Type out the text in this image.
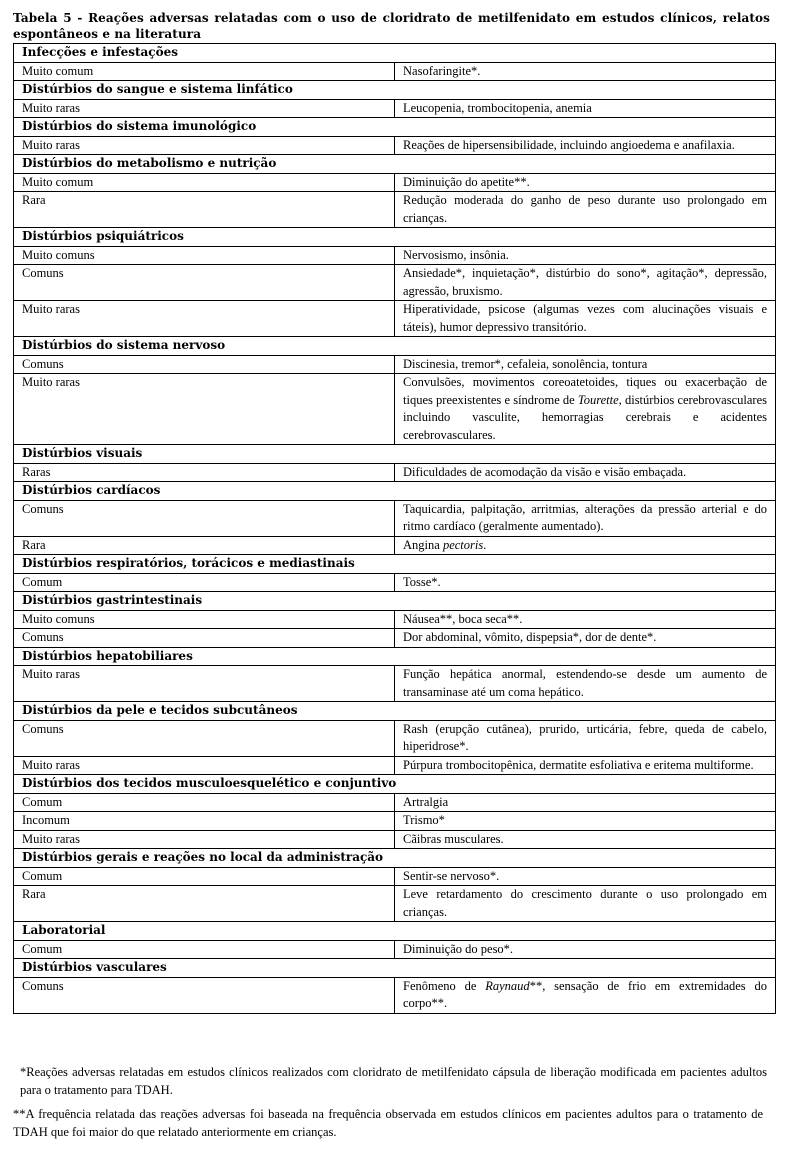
Tabela 5 - Reações adversas relatadas com o uso de cloridrato de metilfenidato em estudos clínicos, relatos espontâneos e na literatura
Infecções e infestações	
Muito comum	Nasofaringite*.
Distúrbios do sangue e sistema linfático	
Muito raras	Leucopenia, trombocitopenia, anemia
Distúrbios do sistema imunológico	
Muito raras	Reações de hipersensibilidade, incluindo angioedema e anafilaxia.
Distúrbios do metabolismo e nutrição	
Muito comum	Diminuição do apetite**.
Rara	Redução moderada do ganho de peso durante uso prolongado em crianças.
Distúrbios psiquiátricos	
Muito comuns	Nervosismo, insônia.
Comuns	Ansiedade*, inquietação*, distúrbio do sono*, agitação*, depressão, agressão, bruxismo.
Muito raras	Hiperatividade, psicose (algumas vezes com alucinações visuais e táteis), humor depressivo transitório.
Distúrbios do sistema nervoso	
Comuns	Discinesia, tremor*, cefaleia, sonolência, tontura
Muito raras	Convulsões, movimentos coreoatetoides, tiques ou exacerbação de tiques preexistentes e síndrome de Tourette, distúrbios cerebrovasculares incluindo vasculite, hemorragias cerebrais e acidentes cerebrovasculares.
Distúrbios visuais	
Raras	Dificuldades de acomodação da visão e visão embaçada.
Distúrbios cardíacos	
Comuns	Taquicardia, palpitação, arritmias, alterações da pressão arterial e do ritmo cardíaco (geralmente aumentado).
Rara	Angina pectoris.
Distúrbios respiratórios, torácicos e mediastinais	
Comum	Tosse*.
Distúrbios gastrintestinais	
Muito comuns	Náusea**, boca seca**.
Comuns	Dor abdominal, vômito, dispepsia*, dor de dente*.
Distúrbios hepatobiliares	
Muito raras	Função hepática anormal, estendendo-se desde um aumento de transaminase até um coma hepático.
Distúrbios da pele e tecidos subcutâneos	
Comuns	Rash (erupção cutânea), prurido, urticária, febre, queda de cabelo, hiperidrose*.
Muito raras	Púrpura trombocitopênica, dermatite esfoliativa e eritema multiforme.
Distúrbios dos tecidos musculoesquelético e conjuntivo	
Comum	Artralgia
Incomum	Trismo*
Muito raras	Cãibras musculares.
Distúrbios gerais e reações no local da administração	
Comum	Sentir-se nervoso*.
Rara	Leve retardamento do crescimento durante o uso prolongado em crianças.
Laboratorial	
Comum	Diminuição do peso*.
Distúrbios vasculares	
Comuns	Fenômeno de Raynaud**, sensação de frio em extremidades do corpo**.
*Reações adversas relatadas em estudos clínicos realizados com cloridrato de metilfenidato cápsula de liberação modificada em pacientes adultos para o tratamento para TDAH.
**A frequência relatada das reações adversas foi baseada na frequência observada em estudos clínicos em pacientes adultos para o tratamento de TDAH que foi maior do que relatado anteriormente em crianças.
